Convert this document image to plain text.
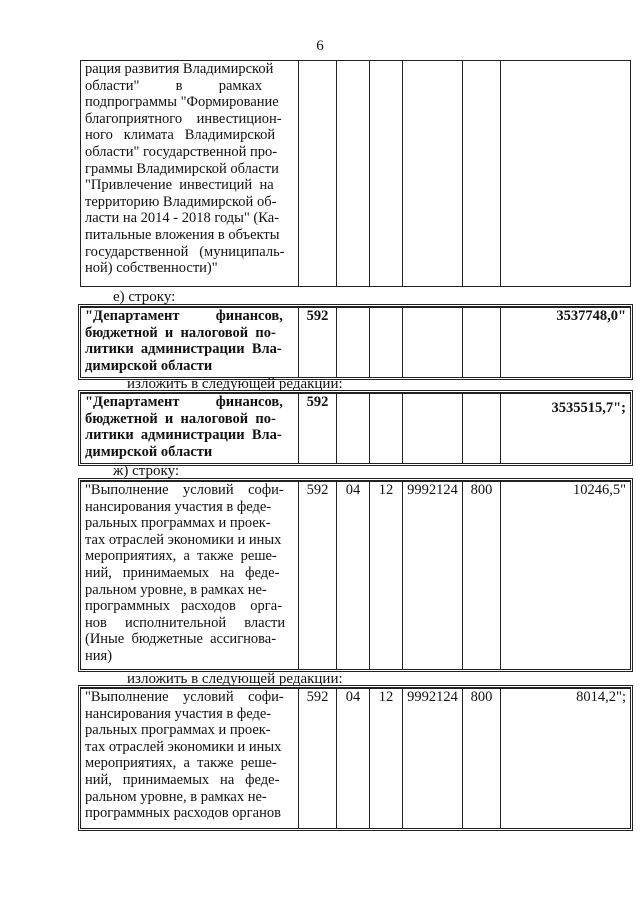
6
рация развития Владимирской
области"          в          рамках
подпрограммы "Формирование
благоприятного    инвестицион-
ного   климата   Владимирской
области" государственной про-
граммы Владимирской области
"Привлечение  инвестиций  на
территорию Владимирской об-
ласти на 2014 - 2018 годы" (Ка-
питальные вложения в объекты
государственной   (муниципаль-
ной) собственности)"

е) строку:
"Департамент          финансов,
бюджетной  и  налоговой  по-
литики  администрации  Вла-
димирской области
	592					3537748,0"
изложить в следующей редакции:
"Департамент          финансов,
бюджетной  и  налоговой  по-
литики  администрации  Вла-
димирской области
	592					3535515,7";
ж) строку:
"Выполнение    условий    софи-
нансирования участия в феде-
ральных программах и проек-
тах отраслей экономики и иных
мероприятиях,  а  также  реше-
ний,   принимаемых   на   феде-
ральном уровне, в рамках не-
программных   расходов    орга-
нов     исполнительной     власти
(Иные  бюджетные  ассигнова-
ния)
	592	04	12	9992124	800	10246,5"
изложить в следующей редакции:
"Выполнение    условий    софи-
нансирования участия в феде-
ральных программах и проек-
тах отраслей экономики и иных
мероприятиях,  а  также  реше-
ний,   принимаемых   на   феде-
ральном уровне, в рамках не-
программных расходов органов
	592	04	12	9992124	800	8014,2";
